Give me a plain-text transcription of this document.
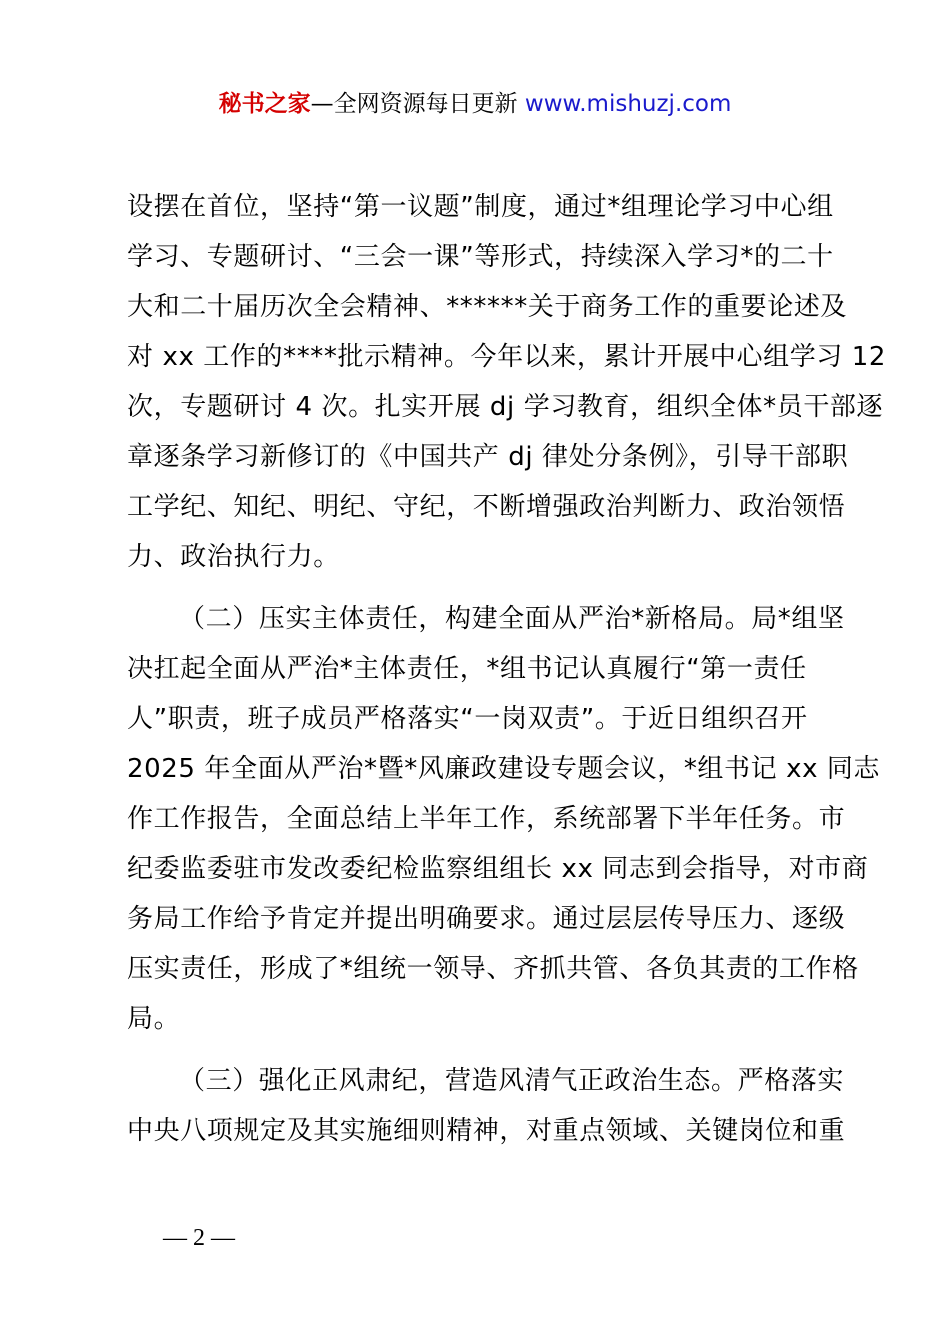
秘书之家—全网资源每日更新 www.mishuzj.com
设摆在首位，坚持“第一议题”制度，通过*组理论学习中心组
学习、专题研讨、“三会一课”等形式，持续深入学习*的二十
大和二十届历次全会精神、******关于商务工作的重要论述及
对 xx 工作的****批示精神。今年以来，累计开展中心组学习 12
次，专题研讨 4 次。扎实开展 dj 学习教育，组织全体*员干部逐
章逐条学习新修订的《中国共产 dj 律处分条例》，引导干部职
工学纪、知纪、明纪、守纪，不断增强政治判断力、政治领悟
力、政治执行力。
（二）压实主体责任，构建全面从严治*新格局。局*组坚
决扛起全面从严治*主体责任，*组书记认真履行“第一责任
人”职责，班子成员严格落实“一岗双责”。于近日组织召开
2025 年全面从严治*暨*风廉政建设专题会议，*组书记 xx 同志
作工作报告，全面总结上半年工作，系统部署下半年任务。市
纪委监委驻市发改委纪检监察组组长 xx 同志到会指导，对市商
务局工作给予肯定并提出明确要求。通过层层传导压力、逐级
压实责任，形成了*组统一领导、齐抓共管、各负其责的工作格
局。
（三）强化正风肃纪，营造风清气正政治生态。严格落实
中央八项规定及其实施细则精神，对重点领域、关键岗位和重
— 2 —
